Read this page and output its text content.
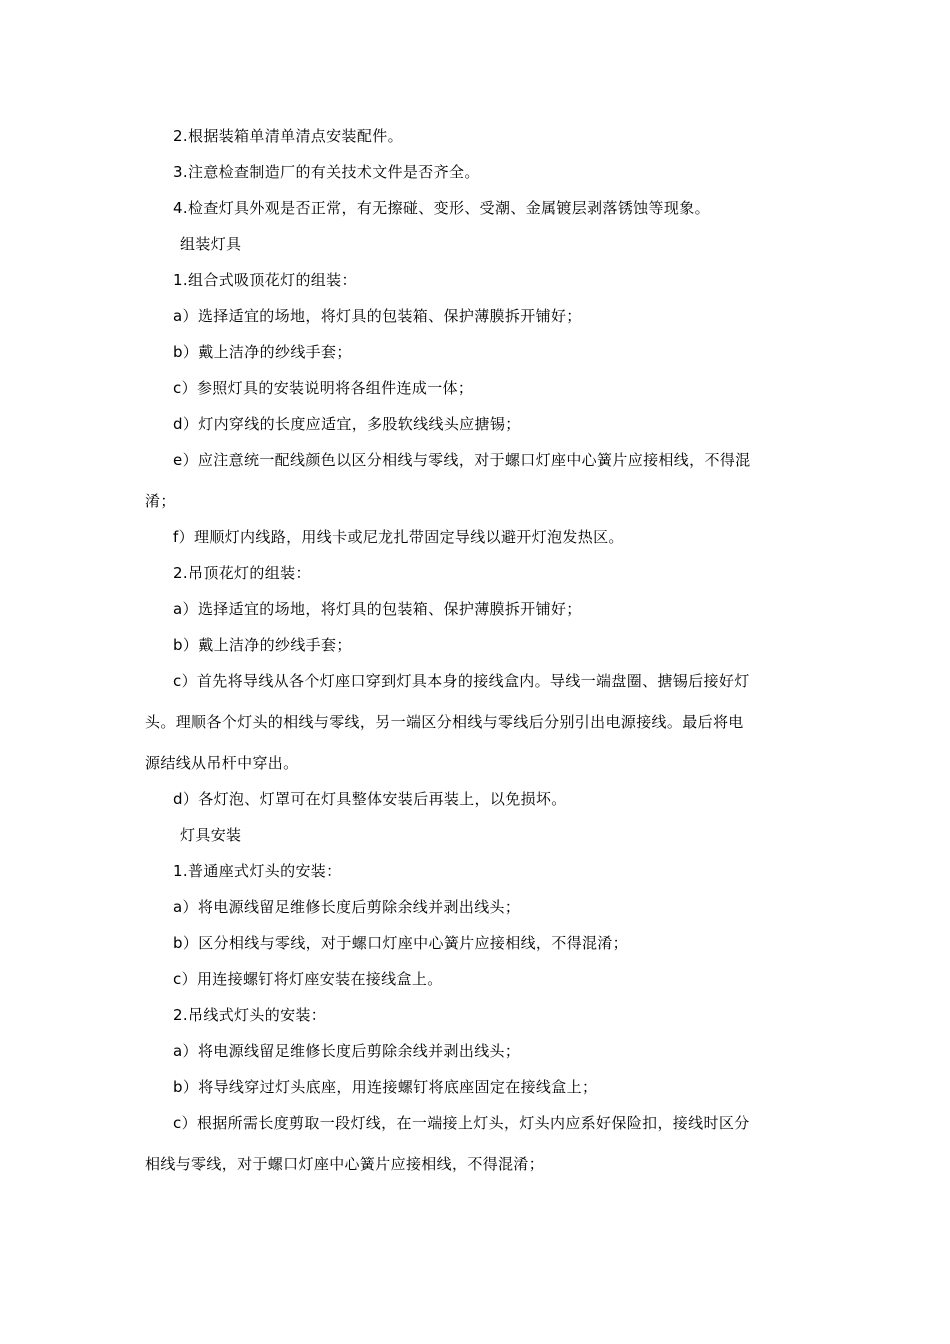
2.根据装箱单清单清点安装配件。
3.注意检查制造厂的有关技术文件是否齐全。
4.检查灯具外观是否正常，有无擦碰、变形、受潮、金属镀层剥落锈蚀等现象。
组装灯具
1.组合式吸顶花灯的组装：
a）选择适宜的场地，将灯具的包装箱、保护薄膜拆开铺好；
b）戴上洁净的纱线手套；
c）参照灯具的安装说明将各组件连成一体；
d）灯内穿线的长度应适宜，多股软线线头应搪锡；
e）应注意统一配线颜色以区分相线与零线，对于螺口灯座中心簧片应接相线，不得混
淆；
f）理顺灯内线路，用线卡或尼龙扎带固定导线以避开灯泡发热区。
2.吊顶花灯的组装：
a）选择适宜的场地，将灯具的包装箱、保护薄膜拆开铺好；
b）戴上洁净的纱线手套；
c）首先将导线从各个灯座口穿到灯具本身的接线盒内。导线一端盘圈、搪锡后接好灯
头。理顺各个灯头的相线与零线，另一端区分相线与零线后分别引出电源接线。最后将电
源结线从吊杆中穿出。
d）各灯泡、灯罩可在灯具整体安装后再装上，以免损坏。
灯具安装
1.普通座式灯头的安装：
a）将电源线留足维修长度后剪除余线并剥出线头；
b）区分相线与零线，对于螺口灯座中心簧片应接相线，不得混淆；
c）用连接螺钉将灯座安装在接线盒上。
2.吊线式灯头的安装：
a）将电源线留足维修长度后剪除余线并剥出线头；
b）将导线穿过灯头底座，用连接螺钉将底座固定在接线盒上；
c）根据所需长度剪取一段灯线，在一端接上灯头，灯头内应系好保险扣，接线时区分
相线与零线，对于螺口灯座中心簧片应接相线，不得混淆；
